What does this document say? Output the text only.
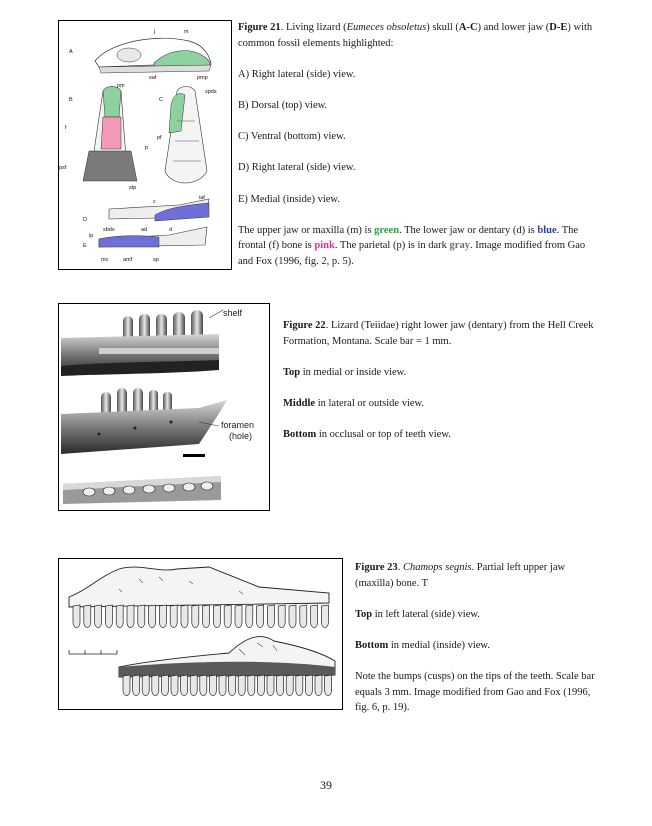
A
m
j
saf	pmp
B
pm
f
p
psf
stp
C
spds
pf
D
c
iaf
E
sbds	ad	d
ip
mc	amf	sp

Figure 21. Living lizard (Eumeces obsoletus) skull (A-C) and lower jaw (D-E) with common fossil elements highlighted:

A) Right lateral (side) view.

B) Dorsal (top) view.

C) Ventral (bottom) view.

D) Right lateral (side) view.

E) Medial (inside) view.

The upper jaw or maxilla (m) is green. The lower jaw or dentary (d) is blue. The frontal (f) bone is pink. The parietal (p) is in dark gray. Image modified from Gao and Fox (1996, fig. 2, p. 5).

shelf
foramen
(hole)

Figure 22. Lizard (Teiidae) right lower jaw (dentary) from the Hell Creek Formation, Montana. Scale bar = 1 mm.

Top in medial or inside view.

Middle in lateral or outside view.

Bottom in occlusal or top of teeth view.

Figure 23. Chamops segnis. Partial left upper jaw (maxilla) bone. T

Top in left lateral (side) view.

Bottom in medial (inside) view.

Note the bumps (cusps) on the tips of the teeth. Scale bar equals 3 mm. Image modified from Gao and Fox (1996, fig. 6, p. 19).

39
